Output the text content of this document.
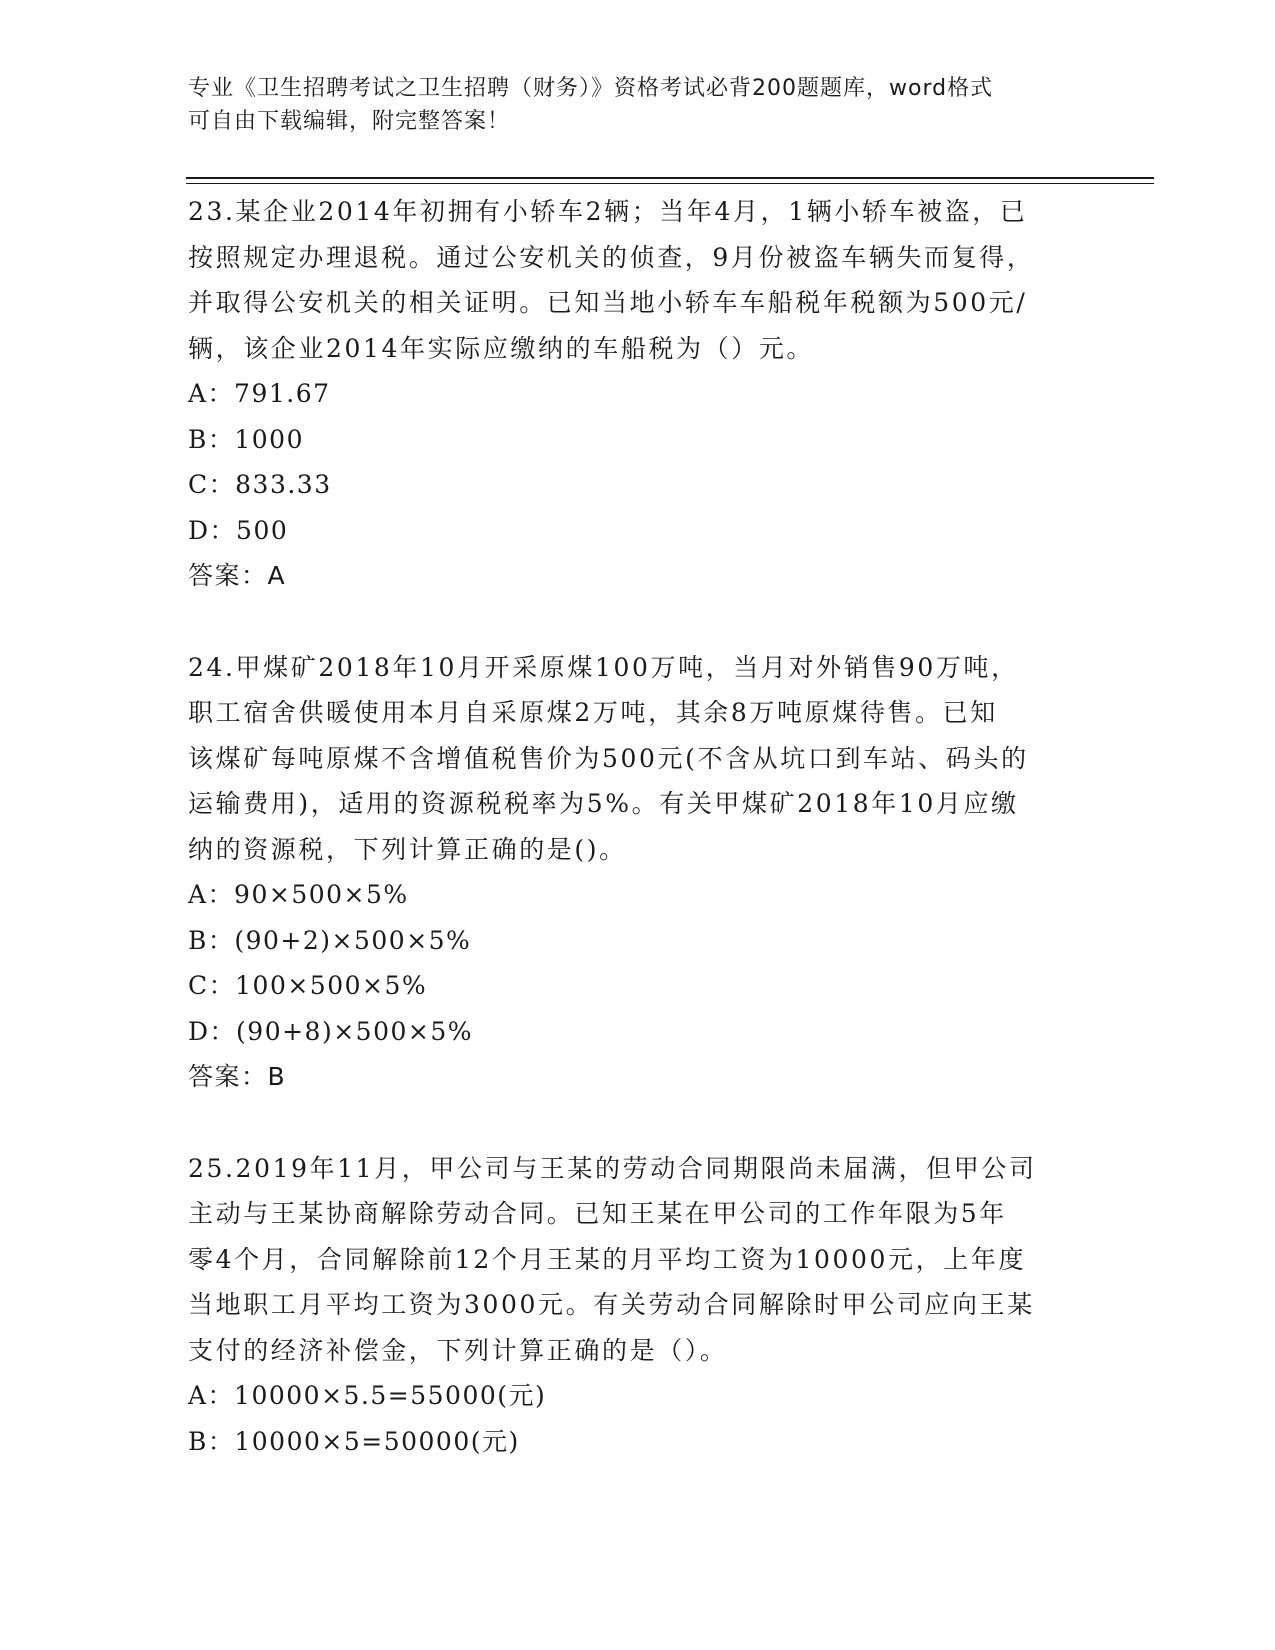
专业《卫生招聘考试之卫生招聘（财务）》资格考试必背200题题库，word格式
可自由下载编辑，附完整答案！

23.某企业2014年初拥有小轿车2辆；当年4月，1辆小轿车被盗，已
按照规定办理退税。通过公安机关的侦查，9月份被盗车辆失而复得，
并取得公安机关的相关证明。已知当地小轿车车船税年税额为500元/
辆，该企业2014年实际应缴纳的车船税为（）元。

A：791.67

B：1000

C：833.33

D：500

答案：A

24.甲煤矿2018年10月开采原煤100万吨，当月对外销售90万吨，
职工宿舍供暖使用本月自采原煤2万吨，其余8万吨原煤待售。已知
该煤矿每吨原煤不含增值税售价为500元(不含从坑口到车站、码头的
运输费用)，适用的资源税税率为5%。有关甲煤矿2018年10月应缴
纳的资源税，下列计算正确的是()。

A：90×500×5%

B：(90+2)×500×5%

C：100×500×5%

D：(90+8)×500×5%

答案：B

25.2019年11月，甲公司与王某的劳动合同期限尚未届满，但甲公司
主动与王某协商解除劳动合同。已知王某在甲公司的工作年限为5年
零4个月，合同解除前12个月王某的月平均工资为10000元，上年度
当地职工月平均工资为3000元。有关劳动合同解除时甲公司应向王某
支付的经济补偿金，下列计算正确的是（）。

A：10000×5.5=55000(元)

B：10000×5=50000(元)
